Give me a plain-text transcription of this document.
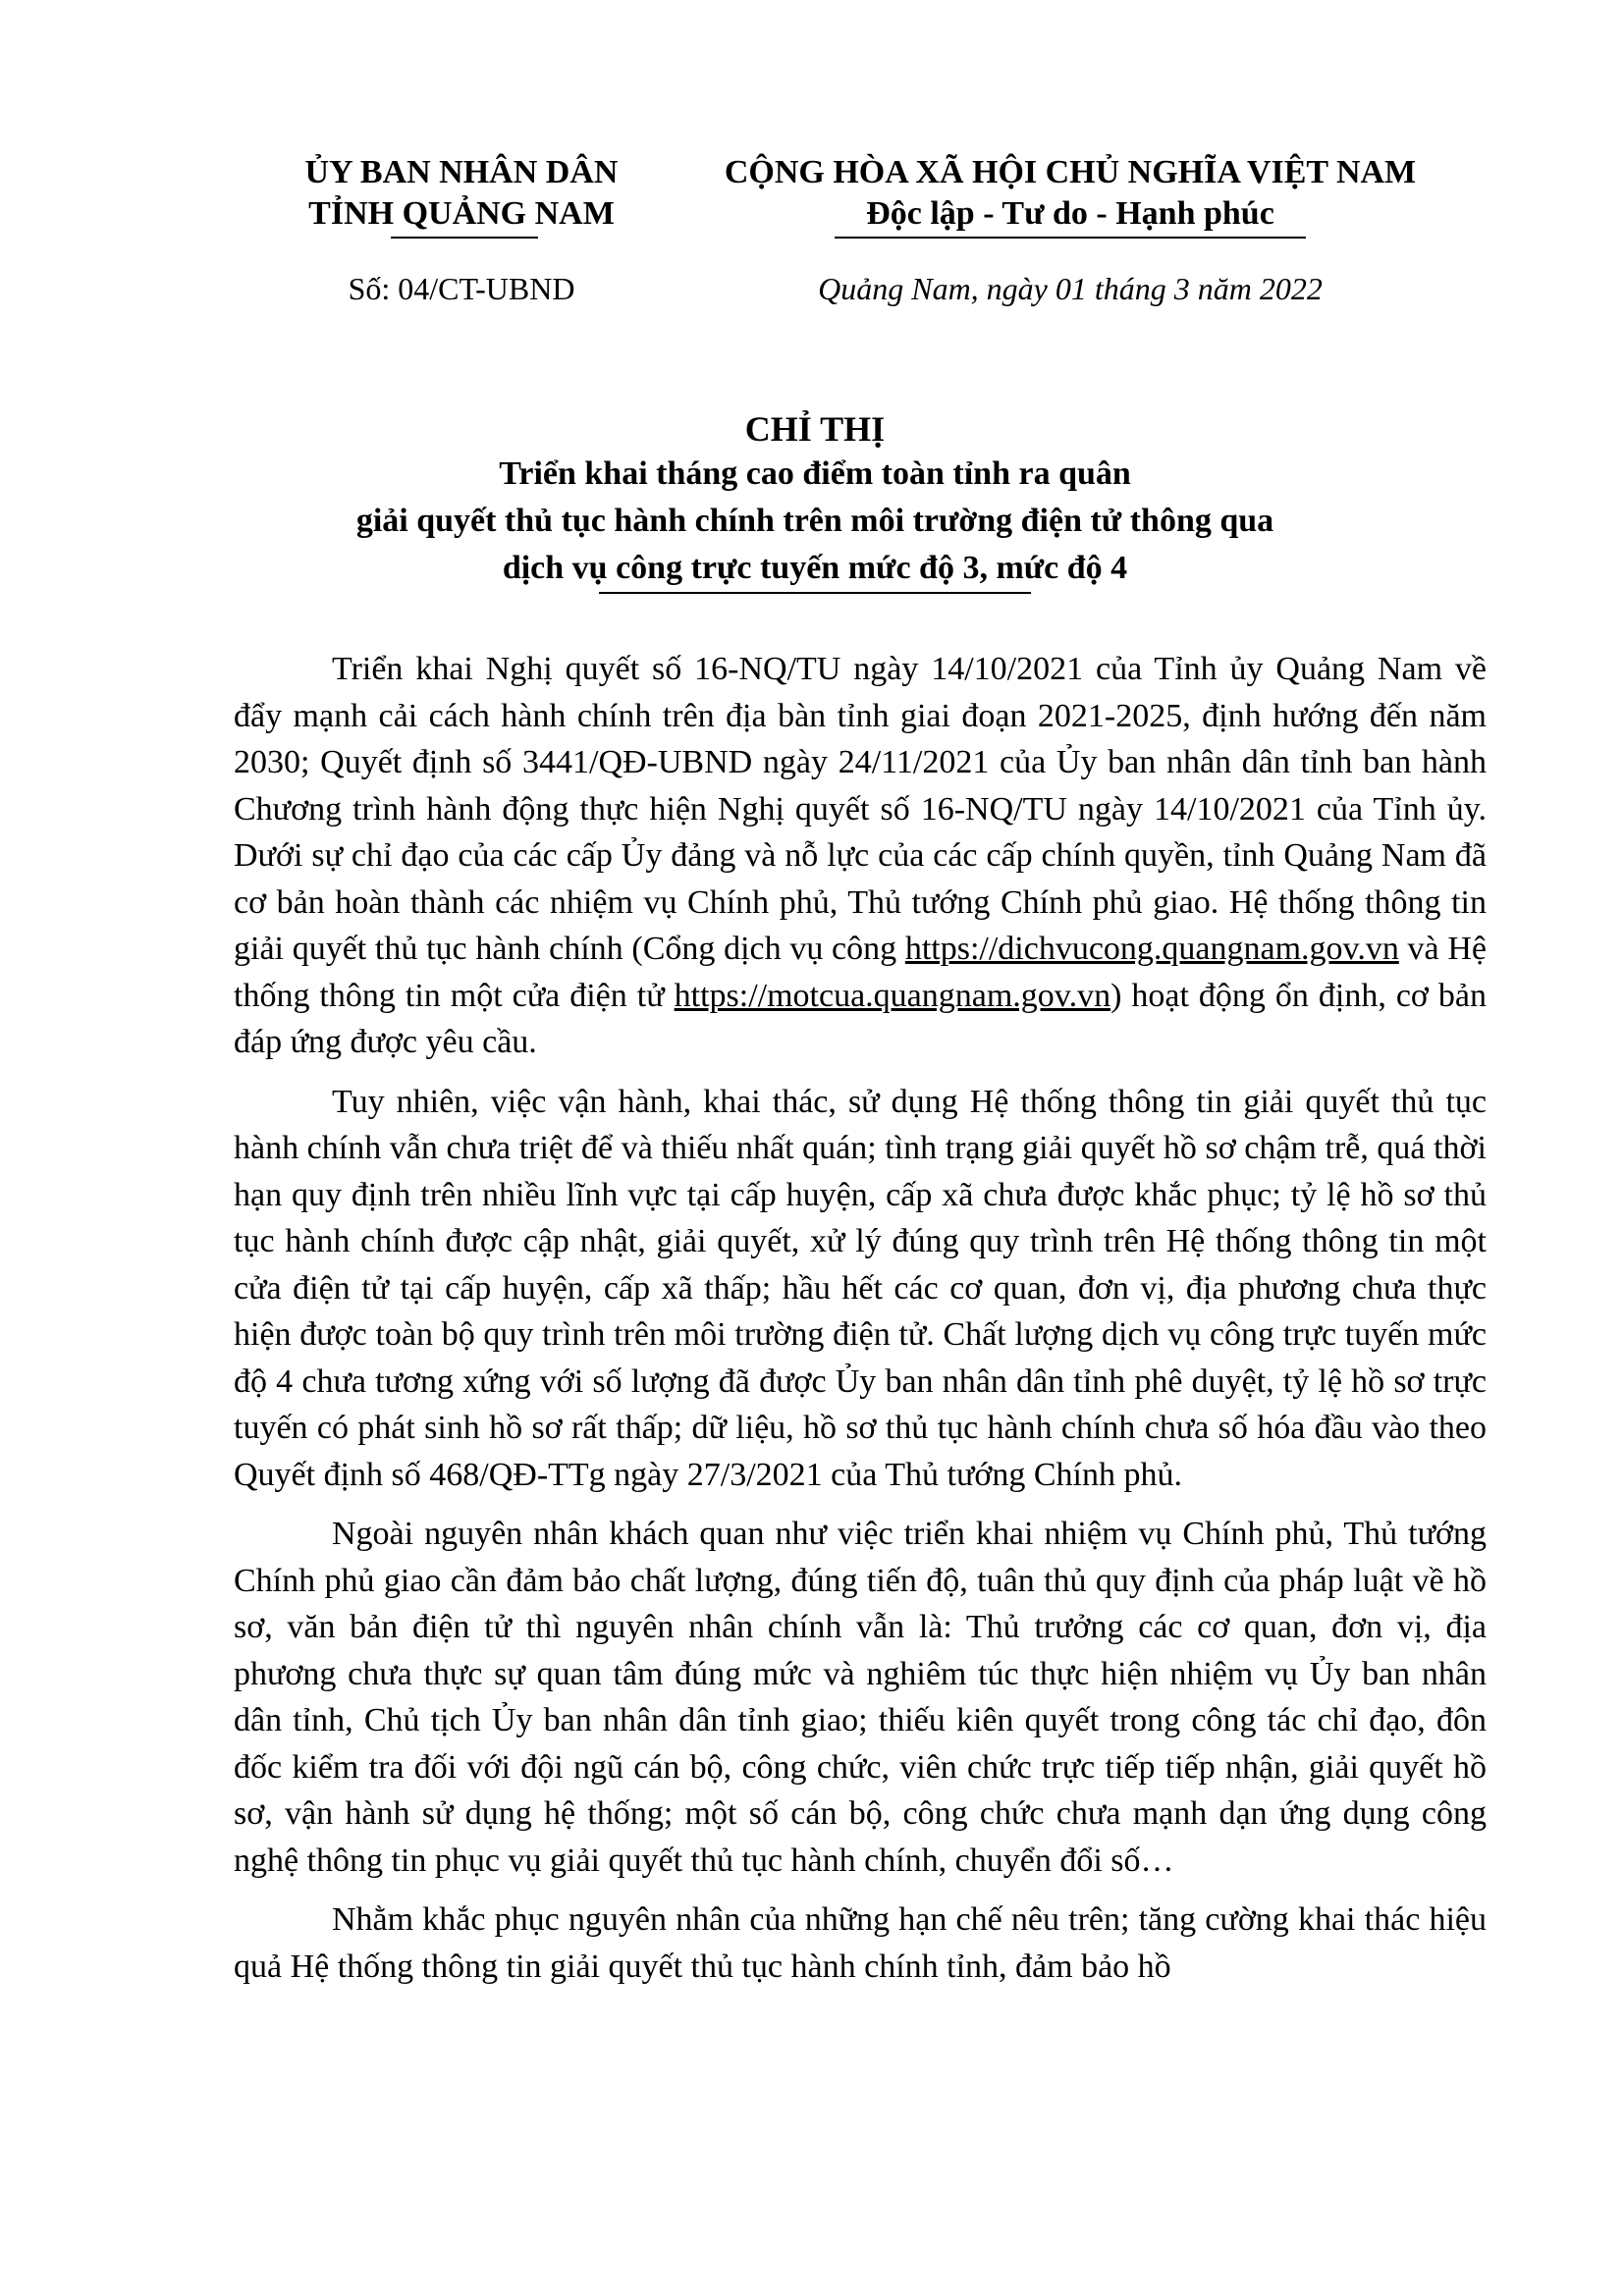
ỦY BAN NHÂN DÂN
TỈNH QUẢNG NAM
CỘNG HÒA XÃ HỘI CHỦ NGHĨA VIỆT NAM
Độc lập - Tư do - Hạnh phúc
Số: 04/CT-UBND	Quảng Nam, ngày 01 tháng 3 năm 2022
CHỈ THỊ
Triển khai tháng cao điểm toàn tỉnh ra quân
giải quyết thủ tục hành chính trên môi trường điện tử thông qua
dịch vụ công trực tuyến mức độ 3, mức độ 4

Triển khai Nghị quyết số 16-NQ/TU ngày 14/10/2021 của Tỉnh ủy Quảng Nam về đẩy mạnh cải cách hành chính trên địa bàn tỉnh giai đoạn 2021-2025, định hướng đến năm 2030; Quyết định số 3441/QĐ-UBND ngày 24/11/2021 của Ủy ban nhân dân tỉnh ban hành Chương trình hành động thực hiện Nghị quyết số 16-NQ/TU ngày 14/10/2021 của Tỉnh ủy. Dưới sự chỉ đạo của các cấp Ủy đảng và nỗ lực của các cấp chính quyền, tỉnh Quảng Nam đã cơ bản hoàn thành các nhiệm vụ Chính phủ, Thủ tướng Chính phủ giao. Hệ thống thông tin giải quyết thủ tục hành chính (Cổng dịch vụ công https://dichvucong.quangnam.gov.vn và Hệ thống thông tin một cửa điện tử https://motcua.quangnam.gov.vn) hoạt động ổn định, cơ bản đáp ứng được yêu cầu.

Tuy nhiên, việc vận hành, khai thác, sử dụng Hệ thống thông tin giải quyết thủ tục hành chính vẫn chưa triệt để và thiếu nhất quán; tình trạng giải quyết hồ sơ chậm trễ, quá thời hạn quy định trên nhiều lĩnh vực tại cấp huyện, cấp xã chưa được khắc phục; tỷ lệ hồ sơ thủ tục hành chính được cập nhật, giải quyết, xử lý đúng quy trình trên Hệ thống thông tin một cửa điện tử tại cấp huyện, cấp xã thấp; hầu hết các cơ quan, đơn vị, địa phương chưa thực hiện được toàn bộ quy trình trên môi trường điện tử. Chất lượng dịch vụ công trực tuyến mức độ 4 chưa tương xứng với số lượng đã được Ủy ban nhân dân tỉnh phê duyệt, tỷ lệ hồ sơ trực tuyến có phát sinh hồ sơ rất thấp; dữ liệu, hồ sơ thủ tục hành chính chưa số hóa đầu vào theo Quyết định số 468/QĐ-TTg ngày 27/3/2021 của Thủ tướng Chính phủ.

Ngoài nguyên nhân khách quan như việc triển khai nhiệm vụ Chính phủ, Thủ tướng Chính phủ giao cần đảm bảo chất lượng, đúng tiến độ, tuân thủ quy định của pháp luật về hồ sơ, văn bản điện tử thì nguyên nhân chính vẫn là: Thủ trưởng các cơ quan, đơn vị, địa phương chưa thực sự quan tâm đúng mức và nghiêm túc thực hiện nhiệm vụ Ủy ban nhân dân tỉnh, Chủ tịch Ủy ban nhân dân tỉnh giao; thiếu kiên quyết trong công tác chỉ đạo, đôn đốc kiểm tra đối với đội ngũ cán bộ, công chức, viên chức trực tiếp tiếp nhận, giải quyết hồ sơ, vận hành sử dụng hệ thống; một số cán bộ, công chức chưa mạnh dạn ứng dụng công nghệ thông tin phục vụ giải quyết thủ tục hành chính, chuyển đổi số…

Nhằm khắc phục nguyên nhân của những hạn chế nêu trên; tăng cường khai thác hiệu quả Hệ thống thông tin giải quyết thủ tục hành chính tỉnh, đảm bảo hồ
